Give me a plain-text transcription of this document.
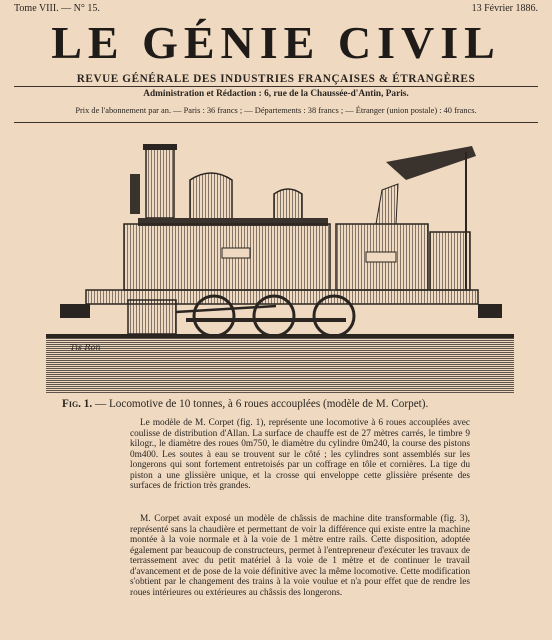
Tome VIII. — N° 15.	13 Février 1886.
LE GÉNIE CIVIL
REVUE GÉNÉRALE DES INDUSTRIES FRANÇAISES & ÉTRANGÈRES
Administration et Rédaction : 6, rue de la Chaussée-d'Antin, Paris.
Prix de l'abonnement par an. — Paris : 36 francs ; — Départements : 38 francs ; — Étranger (union postale) : 40 francs.
Tis Ron
Fig. 1. — Locomotive de 10 tonnes, à 6 roues accouplées (modèle de M. Corpet).

Le modèle de M. Corpet (fig. 1), représente une locomotive à 6 roues accouplées avec coulisse de distribution d'Allan. La surface de chauffe est de 27 mètres carrés, le timbre 9 kilogr., le diamètre des roues 0m750, le diamètre du cylindre 0m240, la course des pistons 0m400. Les soutes à eau se trouvent sur le côté ; les cylindres sont assemblés sur les longerons qui sont fortement entretoisés par un coffrage en tôle et cornières. La tige du piston a une glissière unique, et la crosse qui enveloppe cette glissière présente des surfaces de friction très grandes.

M. Corpet avait exposé un modèle de châssis de machine dite transformable (fig. 3), représenté sans la chaudière et permettant de voir la différence qui existe entre la machine montée à la voie normale et à la voie de 1 mètre entre rails. Cette disposition, adoptée également par beaucoup de constructeurs, permet à l'entrepreneur d'exécuter les travaux de terrassement avec du petit matériel à la voie de 1 mètre et de continuer le travail d'avancement et de pose de la voie définitive avec la même locomotive. Cette modification s'obtient par le changement des trains à la voie voulue et n'a pour effet que de rendre les roues intérieures ou extérieures au châssis des longerons.
